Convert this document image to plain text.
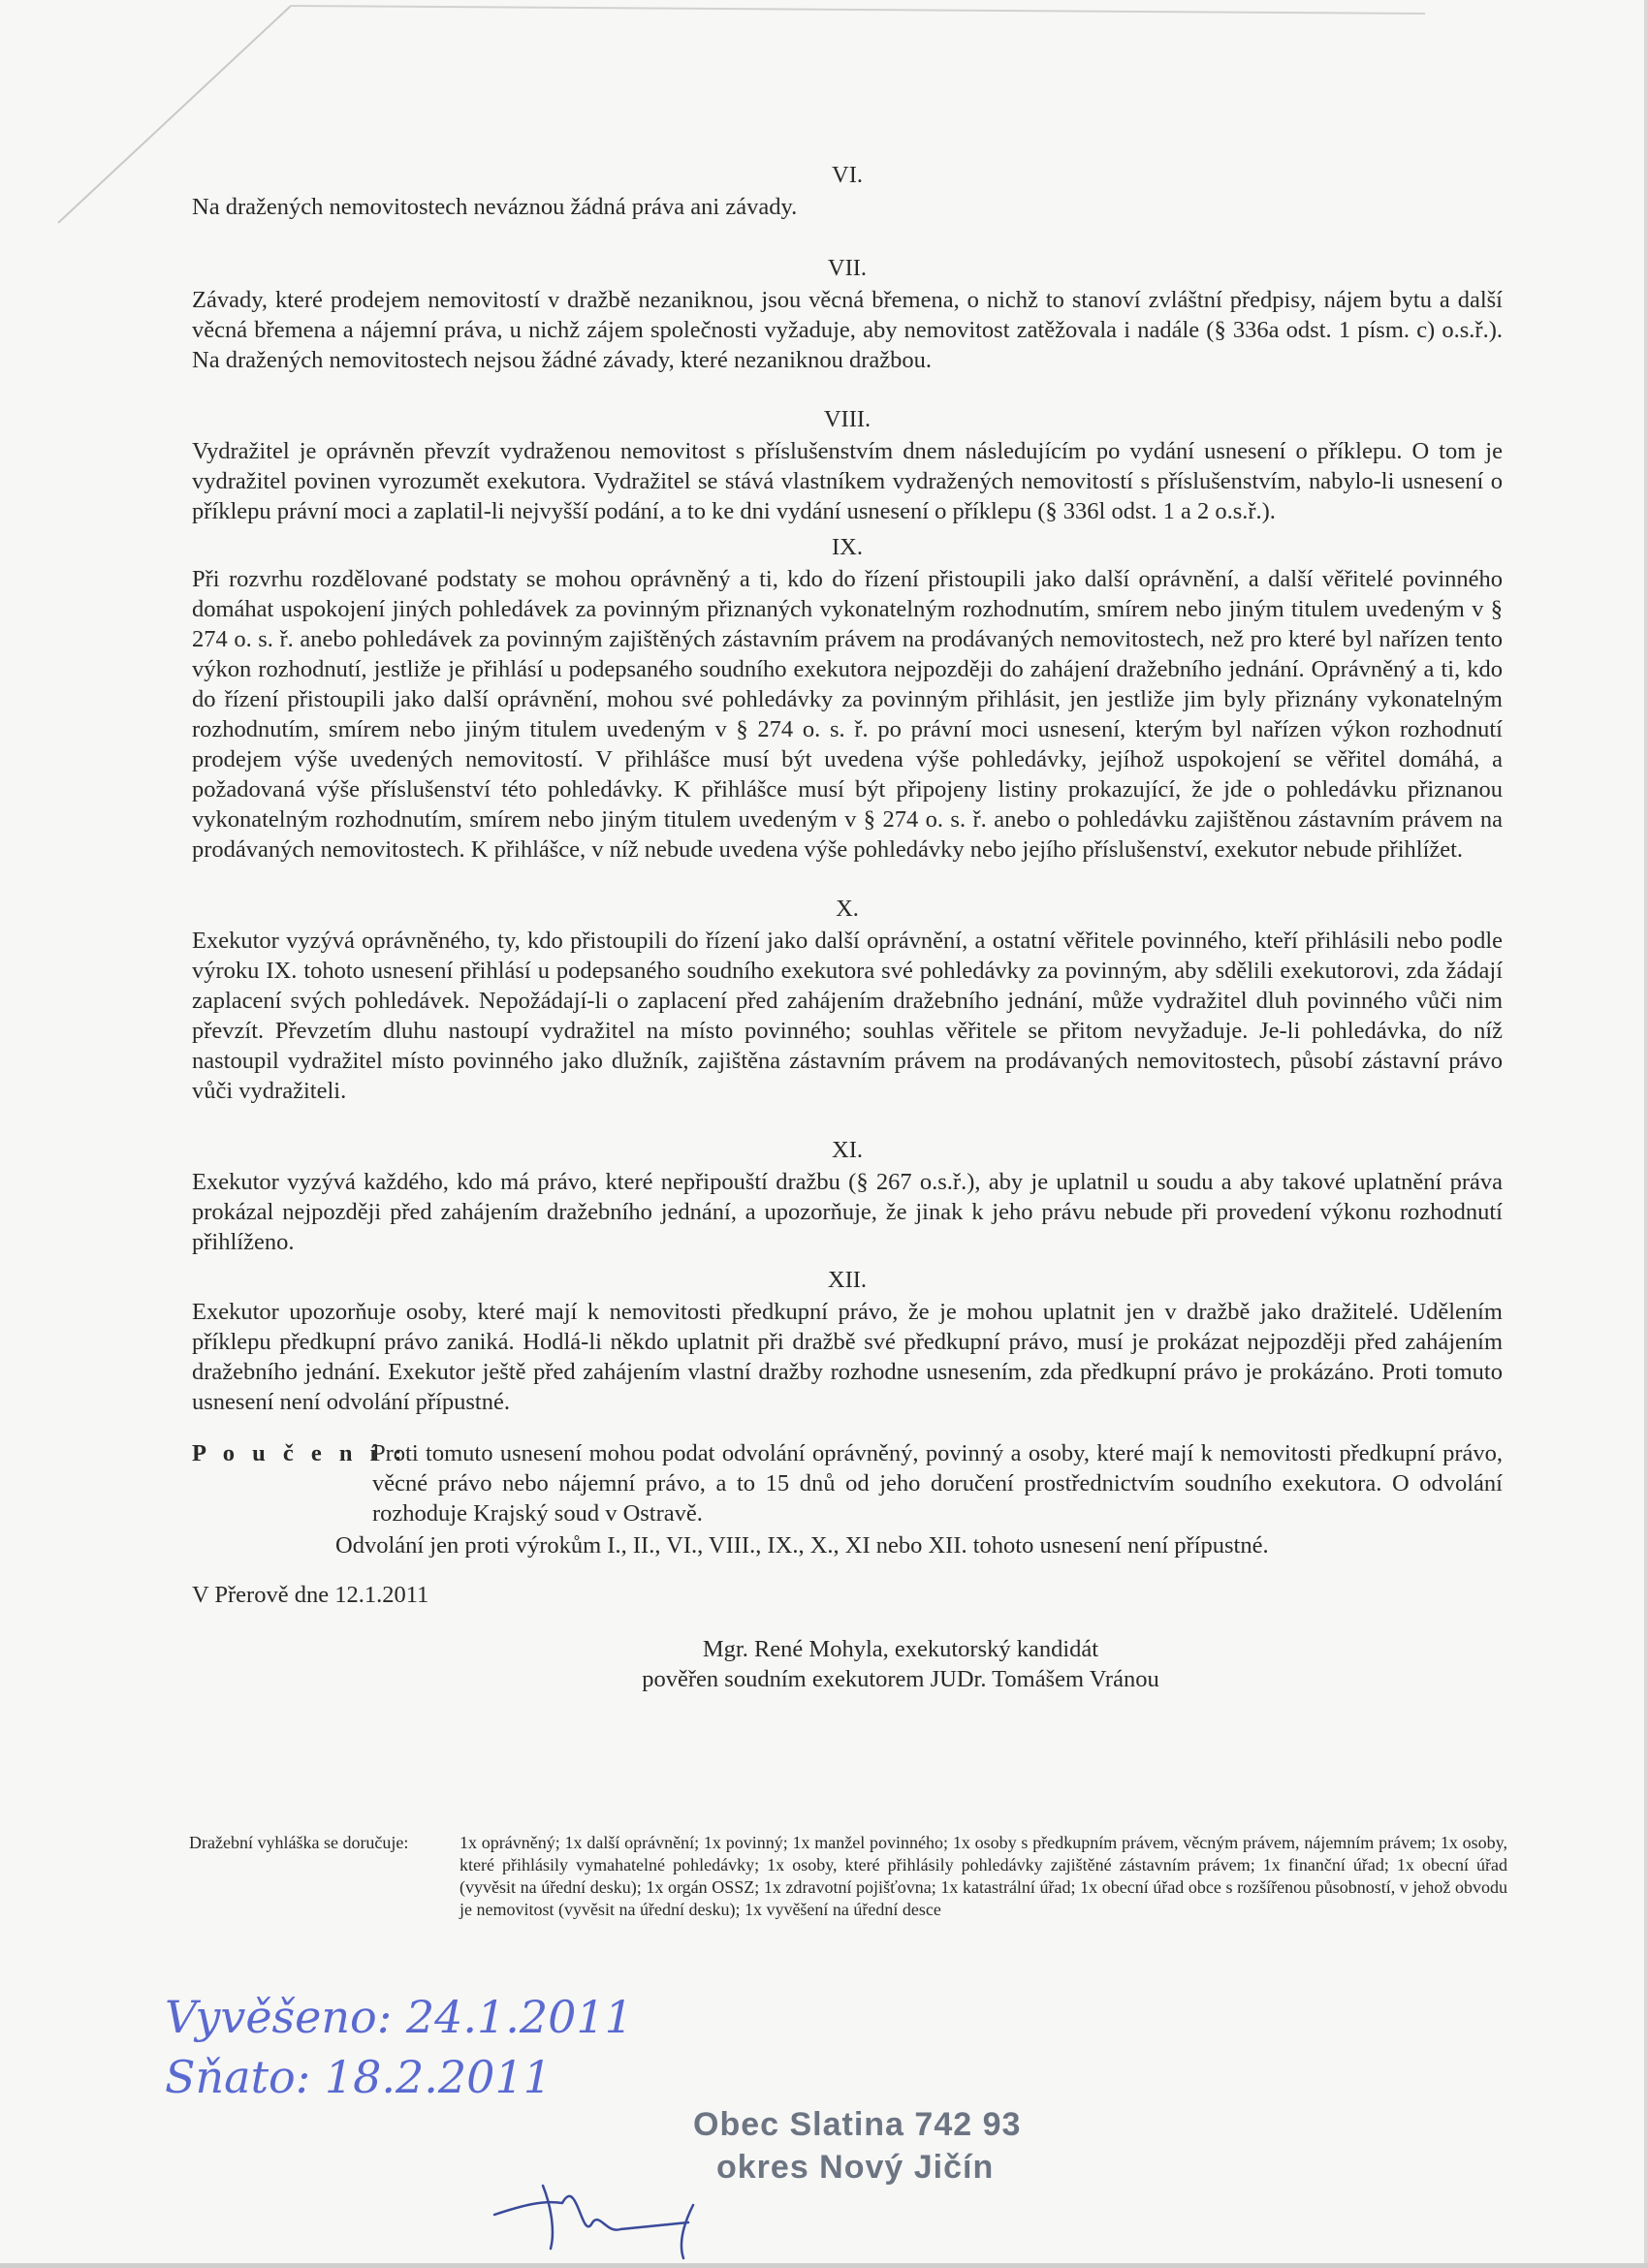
VI.

Na dražených nemovitostech neváznou žádná práva ani závady.

VII.

Závady, které prodejem nemovitostí v dražbě nezaniknou, jsou věcná břemena, o nichž to stanoví zvláštní předpisy, nájem bytu a další věcná břemena a nájemní práva, u nichž zájem společnosti vyžaduje, aby nemovitost zatěžovala i nadále (§ 336a odst. 1 písm. c) o.s.ř.). Na dražených nemovitostech nejsou žádné závady, které nezaniknou dražbou.

VIII.

Vydražitel je oprávněn převzít vydraženou nemovitost s příslušenstvím dnem následujícím po vydání usnesení o příklepu. O tom je vydražitel povinen vyrozumět exekutora. Vydražitel se stává vlastníkem vydražených nemovitostí s příslušenstvím, nabylo-li usnesení o příklepu právní moci a zaplatil-li nejvyšší podání, a to ke dni vydání usnesení o příklepu (§ 336l odst. 1 a 2 o.s.ř.).

IX.

Při rozvrhu rozdělované podstaty se mohou oprávněný a ti, kdo do řízení přistoupili jako další oprávnění, a další věřitelé povinného domáhat uspokojení jiných pohledávek za povinným přiznaných vykonatelným rozhodnutím, smírem nebo jiným titulem uvedeným v § 274 o. s. ř. anebo pohledávek za povinným zajištěných zástavním právem na prodávaných nemovitostech, než pro které byl nařízen tento výkon rozhodnutí, jestliže je přihlásí u podepsaného soudního exekutora nejpozději do zahájení dražebního jednání. Oprávněný a ti, kdo do řízení přistoupili jako další oprávnění, mohou své pohledávky za povinným přihlásit, jen jestliže jim byly přiznány vykonatelným rozhodnutím, smírem nebo jiným titulem uvedeným v § 274 o. s. ř. po právní moci usnesení, kterým byl nařízen výkon rozhodnutí prodejem výše uvedených nemovitostí. V přihlášce musí být uvedena výše pohledávky, jejíhož uspokojení se věřitel domáhá, a požadovaná výše příslušenství této pohledávky. K přihlášce musí být připojeny listiny prokazující, že jde o pohledávku přiznanou vykonatelným rozhodnutím, smírem nebo jiným titulem uvedeným v § 274 o. s. ř. anebo o pohledávku zajištěnou zástavním právem na prodávaných nemovitostech. K přihlášce, v níž nebude uvedena výše pohledávky nebo jejího příslušenství, exekutor nebude přihlížet.

X.

Exekutor vyzývá oprávněného, ty, kdo přistoupili do řízení jako další oprávnění, a ostatní věřitele povinného, kteří přihlásili nebo podle výroku IX. tohoto usnesení přihlásí u podepsaného soudního exekutora své pohledávky za povinným, aby sdělili exekutorovi, zda žádají zaplacení svých pohledávek. Nepožádají-li o zaplacení před zahájením dražebního jednání, může vydražitel dluh povinného vůči nim převzít. Převzetím dluhu nastoupí vydražitel na místo povinného; souhlas věřitele se přitom nevyžaduje. Je-li pohledávka, do níž nastoupil vydražitel místo povinného jako dlužník, zajištěna zástavním právem na prodávaných nemovitostech, působí zástavní právo vůči vydražiteli.

XI.

Exekutor vyzývá každého, kdo má právo, které nepřipouští dražbu (§ 267 o.s.ř.), aby je uplatnil u soudu a aby takové uplatnění práva prokázal nejpozději před zahájením dražebního jednání, a upozorňuje, že jinak k jeho právu nebude při provedení výkonu rozhodnutí přihlíženo.

XII.

Exekutor upozorňuje osoby, které mají k nemovitosti předkupní právo, že je mohou uplatnit jen v dražbě jako dražitelé. Udělením příklepu předkupní právo zaniká. Hodlá-li někdo uplatnit při dražbě své předkupní právo, musí je prokázat nejpozději před zahájením dražebního jednání. Exekutor ještě před zahájením vlastní dražby rozhodne usnesením, zda předkupní právo je prokázáno. Proti tomuto usnesení není odvolání přípustné.

P o u č e n í :

Proti tomuto usnesení mohou podat odvolání oprávněný, povinný a osoby, které mají k nemovitosti předkupní právo, věcné právo nebo nájemní právo, a to 15 dnů od jeho doručení prostřednictvím soudního exekutora. O odvolání rozhoduje Krajský soud v Ostravě.

Odvolání jen proti výrokům I., II., VI., VIII., IX., X., XI nebo XII. tohoto usnesení není přípustné.

V Přerově dne 12.1.2011

Mgr. René Mohyla, exekutorský kandidát
pověřen soudním exekutorem JUDr. Tomášem Vránou
Dražební vyhláška se doručuje:	1x oprávněný; 1x další oprávnění; 1x povinný; 1x manžel povinného; 1x osoby s předkupním právem, věcným právem, nájemním právem; 1x osoby, které přihlásily vymahatelné pohledávky; 1x osoby, které přihlásily pohledávky zajištěné zástavním právem; 1x finanční úřad; 1x obecní úřad (vyvěsit na úřední desku); 1x orgán OSSZ; 1x zdravotní pojišťovna; 1x katastrální úřad; 1x obecní úřad obce s rozšířenou působností, v jehož obvodu je nemovitost (vyvěsit na úřední desku); 1x vyvěšení na úřední desce
Vyvěšeno: 24.1.2011
Sňato: 18.2.2011
Obec Slatina 742 93
okres Nový Jičín
